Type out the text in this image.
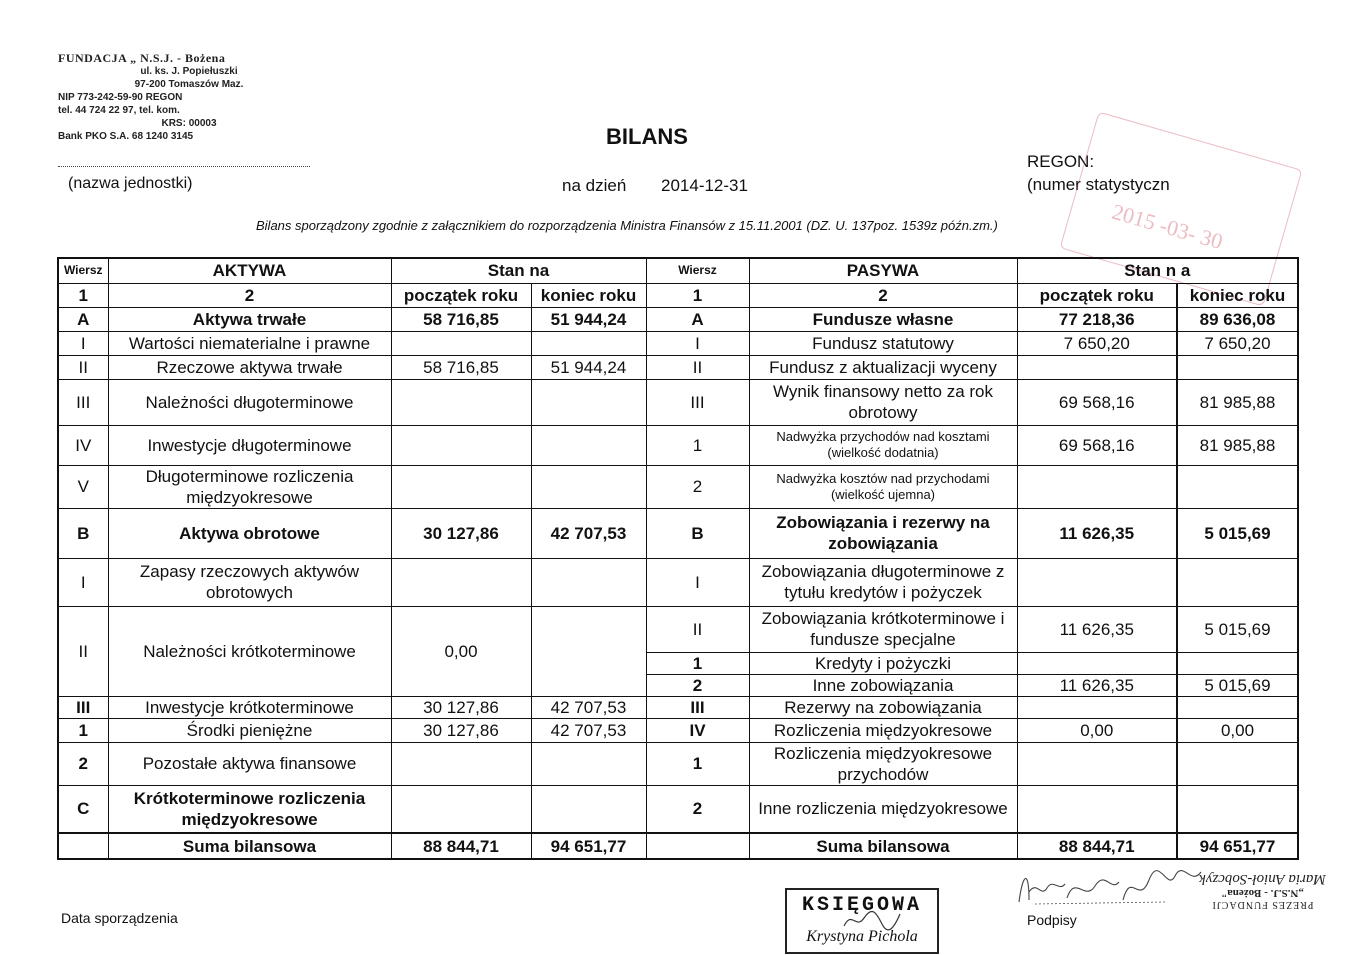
FUNDACJA „ N.S.J. - Bożena
ul. ks. J. Popiełuszki
97-200 Tomaszów Maz.
NIP 773-242-59-90 REGON
tel. 44 724 22 97, tel. kom.
KRS: 00003
Bank PKO S.A. 68 1240 3145
(nazwa jednostki)
BILANS
na dzień 2014-12-31
REGON:
(numer statystyczn
2015 -03- 30
Bilans sporządzony zgodnie z załącznikiem do rozporządzenia Ministra Finansów z 15.11.2001 (DZ. U. 137poz. 1539z późn.zm.)
Wiersz	AKTYWA	Stan na		Wiersz	PASYWA	Stan n a	
1	2	początek roku	koniec roku	1	2	początek roku	koniec roku
A	Aktywa trwałe	58 716,85	51 944,24	A	Fundusze własne	77 218,36	89 636,08
I	Wartości niematerialne i prawne			I	Fundusz statutowy	7 650,20	7 650,20
II	Rzeczowe aktywa trwałe	58 716,85	51 944,24	II	Fundusz z aktualizacji wyceny		
III	Należności długoterminowe			III	Wynik finansowy netto za rok obrotowy	69 568,16	81 985,88
IV	Inwestycje długoterminowe			1	Nadwyżka przychodów nad kosztami (wielkość dodatnia)	69 568,16	81 985,88
V	Długoterminowe rozliczenia międzyokresowe			2	Nadwyżka kosztów nad przychodami (wielkość ujemna)		
B	Aktywa obrotowe	30 127,86	42 707,53	B	Zobowiązania i rezerwy na zobowiązania	11 626,35	5 015,69
I	Zapasy rzeczowych aktywów obrotowych			I	Zobowiązania długoterminowe z tytułu kredytów i pożyczek		
II	Należności krótkoterminowe	0,00		II	Zobowiązania krótkoterminowe i fundusze specjalne	11 626,35	5 015,69
				1	Kredyty i pożyczki		
				2	Inne zobowiązania	11 626,35	5 015,69
III	Inwestycje krótkoterminowe	30 127,86	42 707,53	III	Rezerwy na zobowiązania		
1	Środki pieniężne	30 127,86	42 707,53	IV	Rozliczenia międzyokresowe	0,00	0,00
2	Pozostałe aktywa finansowe			1	Rozliczenia międzyokresowe przychodów		
C	Krótkoterminowe rozliczenia międzyokresowe			2	Inne rozliczenia międzyokresowe		
	Suma bilansowa	88 844,71	94 651,77		Suma bilansowa	88 844,71	94 651,77
Data sporządzenia
KSIĘGOWA
Krystyna Pichola
Podpisy
PREZES FUNDACJI
„N.S.J. - Bożena"
Maria Anioł-Sobczyk
